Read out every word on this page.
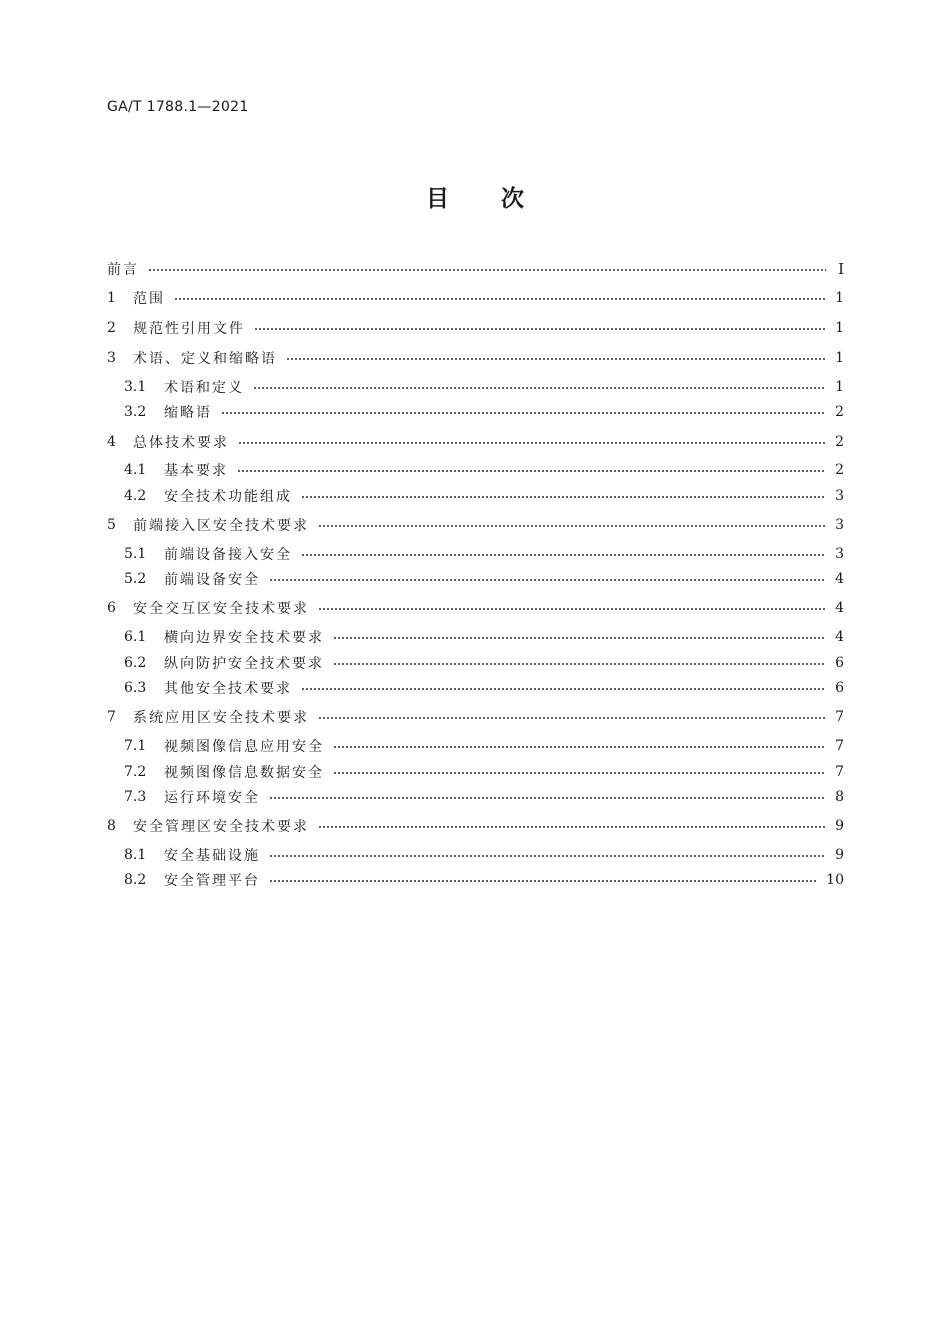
GA/T 1788.1—2021
目 次
前言	Ⅰ
1	范围	1
2	规范性引用文件	1
3	术语、定义和缩略语	1
3.1	术语和定义	1
3.2	缩略语	2
4	总体技术要求	2
4.1	基本要求	2
4.2	安全技术功能组成	3
5	前端接入区安全技术要求	3
5.1	前端设备接入安全	3
5.2	前端设备安全	4
6	安全交互区安全技术要求	4
6.1	横向边界安全技术要求	4
6.2	纵向防护安全技术要求	6
6.3	其他安全技术要求	6
7	系统应用区安全技术要求	7
7.1	视频图像信息应用安全	7
7.2	视频图像信息数据安全	7
7.3	运行环境安全	8
8	安全管理区安全技术要求	9
8.1	安全基础设施	9
8.2	安全管理平台	10
